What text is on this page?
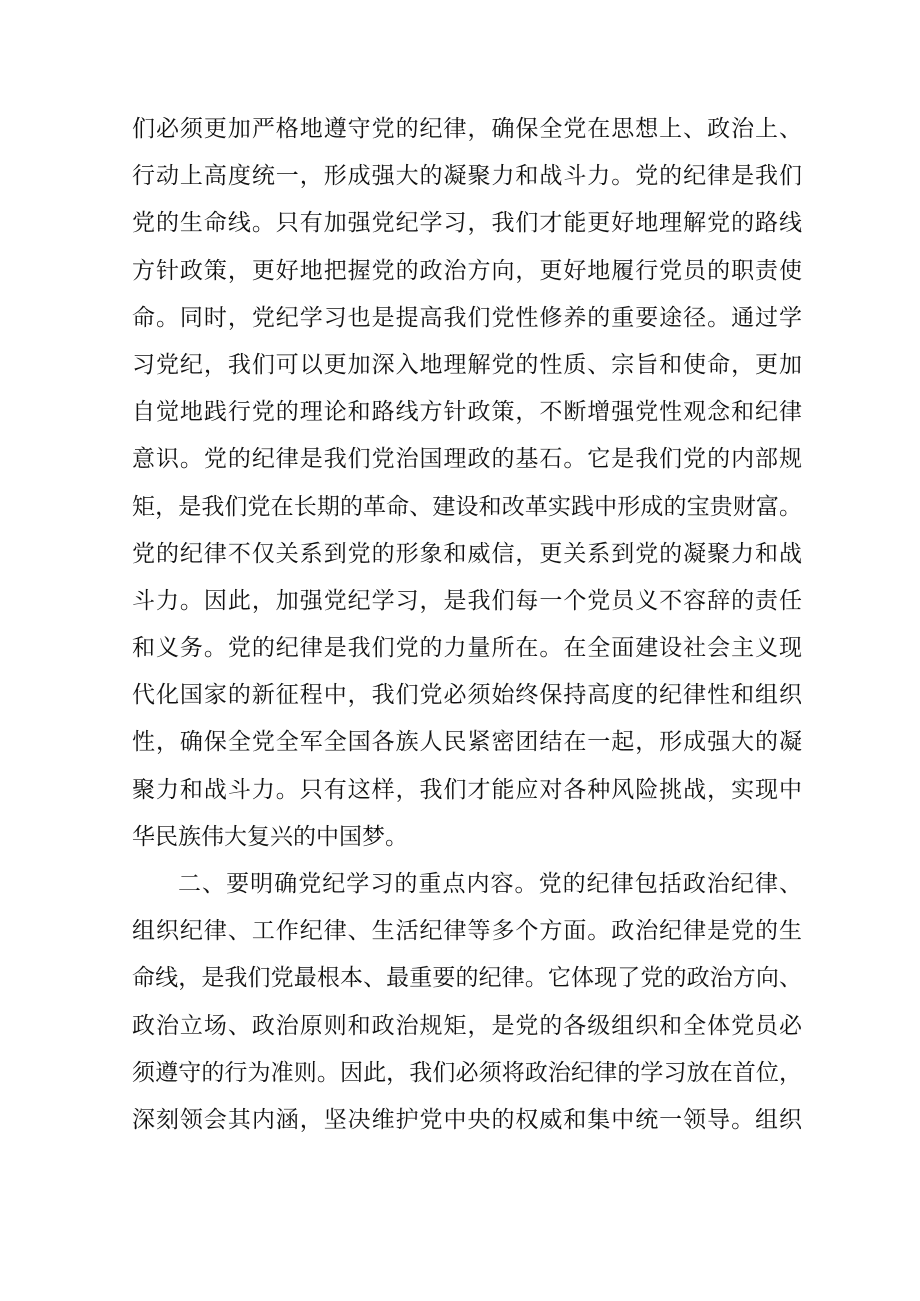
们必须更加严格地遵守党的纪律，确保全党在思想上、政治上、
行动上高度统一，形成强大的凝聚力和战斗力。党的纪律是我们
党的生命线。只有加强党纪学习，我们才能更好地理解党的路线
方针政策，更好地把握党的政治方向，更好地履行党员的职责使
命。同时，党纪学习也是提高我们党性修养的重要途径。通过学
习党纪，我们可以更加深入地理解党的性质、宗旨和使命，更加
自觉地践行党的理论和路线方针政策，不断增强党性观念和纪律
意识。党的纪律是我们党治国理政的基石。它是我们党的内部规
矩，是我们党在长期的革命、建设和改革实践中形成的宝贵财富。
党的纪律不仅关系到党的形象和威信，更关系到党的凝聚力和战
斗力。因此，加强党纪学习，是我们每一个党员义不容辞的责任
和义务。党的纪律是我们党的力量所在。在全面建设社会主义现
代化国家的新征程中，我们党必须始终保持高度的纪律性和组织
性，确保全党全军全国各族人民紧密团结在一起，形成强大的凝
聚力和战斗力。只有这样，我们才能应对各种风险挑战，实现中
华民族伟大复兴的中国梦。
二、要明确党纪学习的重点内容。党的纪律包括政治纪律、
组织纪律、工作纪律、生活纪律等多个方面。政治纪律是党的生
命线，是我们党最根本、最重要的纪律。它体现了党的政治方向、
政治立场、政治原则和政治规矩，是党的各级组织和全体党员必
须遵守的行为准则。因此，我们必须将政治纪律的学习放在首位，
深刻领会其内涵，坚决维护党中央的权威和集中统一领导。组织
